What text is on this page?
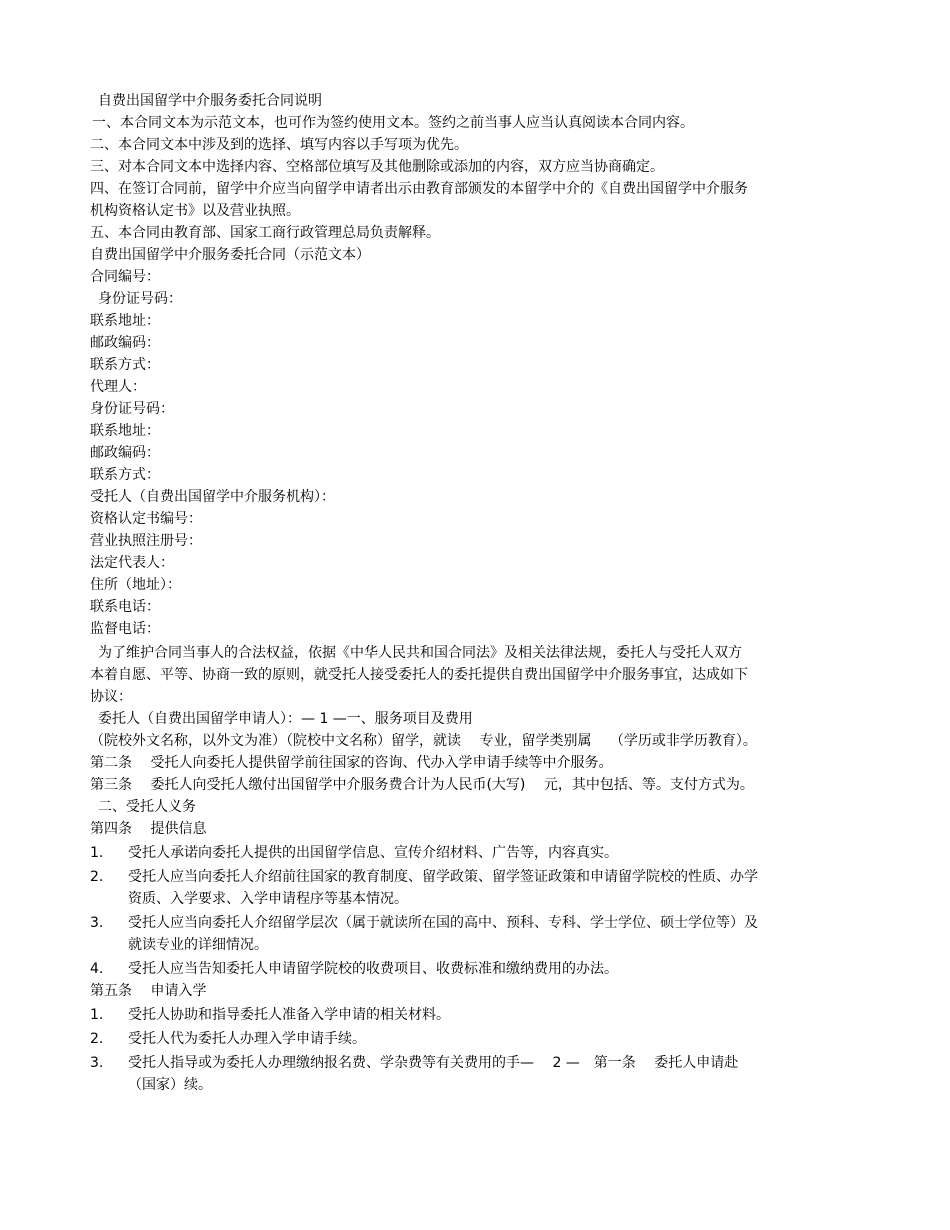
自费出国留学中介服务委托合同说明
一、本合同文本为示范文本，也可作为签约使用文本。签约之前当事人应当认真阅读本合同内容。
二、本合同文本中涉及到的选择、填写内容以手写项为优先。
三、对本合同文本中选择内容、空格部位填写及其他删除或添加的内容，双方应当协商确定。
四、在签订合同前，留学中介应当向留学申请者出示由教育部颁发的本留学中介的《自费出国留学中介服务
机构资格认定书》以及营业执照。
五、本合同由教育部、国家工商行政管理总局负责解释。
自费出国留学中介服务委托合同（示范文本）
合同编号：
身份证号码：
联系地址：
邮政编码：
联系方式：
代理人：
身份证号码：
联系地址：
邮政编码：
联系方式：
受托人（自费出国留学中介服务机构）：
资格认定书编号：
营业执照注册号：
法定代表人：
住所（地址）：
联系电话：
监督电话：
为了维护合同当事人的合法权益，依据《中华人民共和国合同法》及相关法律法规，委托人与受托人双方
本着自愿、平等、协商一致的原则，就受托人接受委托人的委托提供自费出国留学中介服务事宜，达成如下
协议：
委托人（自费出国留学申请人）：— 1 —一、服务项目及费用
（院校外文名称，以外文为准）（院校中文名称）留学，就读　 专业，留学类别属　 （学历或非学历教育）。
第二条　 受托人向委托人提供留学前往国家的咨询、代办入学申请手续等中介服务。
第三条　 委托人向受托人缴付出国留学中介服务费合计为人民币(大写)　 元，其中包括、等。支付方式为。
二、受托人义务
第四条　 提供信息
1.	受托人承诺向委托人提供的出国留学信息、宣传介绍材料、广告等，内容真实。
2.	受托人应当向委托人介绍前往国家的教育制度、留学政策、留学签证政策和申请留学院校的性质、办学
资质、入学要求、入学申请程序等基本情况。
3.	受托人应当向委托人介绍留学层次（属于就读所在国的高中、预科、专科、学士学位、硕士学位等）及
就读专业的详细情况。
4.	受托人应当告知委托人申请留学院校的收费项目、收费标准和缴纳费用的办法。
第五条　 申请入学
1.	受托人协助和指导委托人准备入学申请的相关材料。
2.	受托人代为委托人办理入学申请手续。
3.	受托人指导或为委托人办理缴纳报名费、学杂费等有关费用的手—　 2 —　第一条　 委托人申请赴
（国家）续。
